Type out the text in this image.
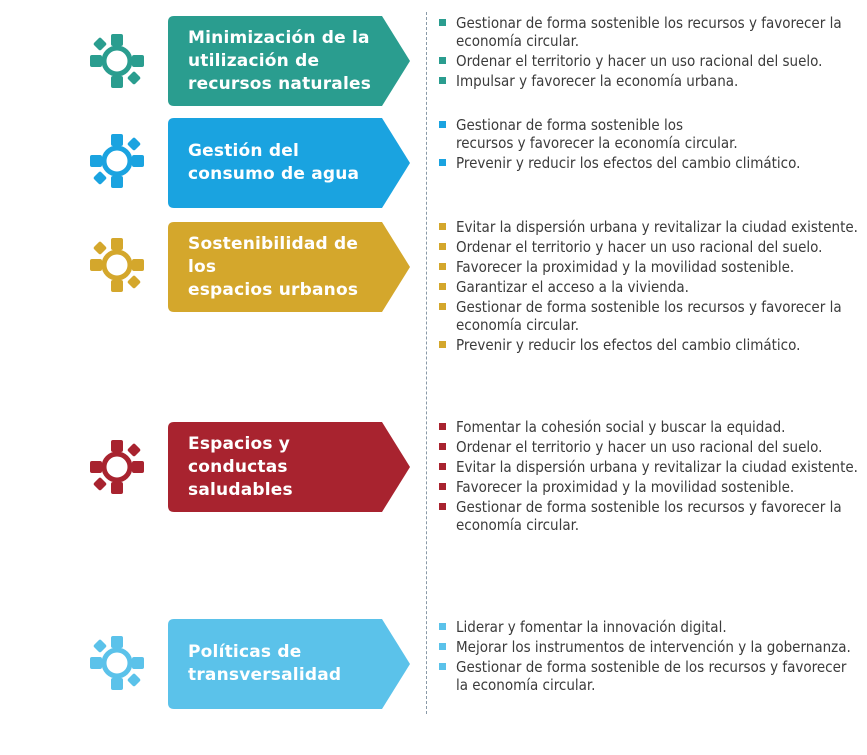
Minimización de la
utilización de
recursos naturales
Gestionar de forma sostenible los recursos y favorecer la economía circular.
Ordenar el territorio y hacer un uso racional del suelo.
Impulsar y favorecer la economía urbana.
Gestión del
consumo de agua
Gestionar de forma sostenible los recursos y favorecer la economía circular.
Prevenir y reducir los efectos del cambio climático.
Sostenibilidad de los
espacios urbanos
Evitar la dispersión urbana y revitalizar la ciudad existente.
Ordenar el territorio y hacer un uso racional del suelo.
Favorecer la proximidad y la movilidad sostenible.
Garantizar el acceso a la vivienda.
Gestionar de forma sostenible los recursos y favorecer la economía circular.
Prevenir y reducir los efectos del cambio climático.
Espacios y
conductas saludables
Fomentar la cohesión social y buscar la equidad.
Ordenar el territorio y hacer un uso racional del suelo.
Evitar la dispersión urbana y revitalizar la ciudad existente.
Favorecer la proximidad y la movilidad sostenible.
Gestionar de forma sostenible los recursos y favorecer la economía circular.
Políticas de
transversalidad
Liderar y fomentar la innovación digital.
Mejorar los instrumentos de intervención y la gobernanza.
Gestionar de forma sostenible de los recursos y favorecer la economía circular.
